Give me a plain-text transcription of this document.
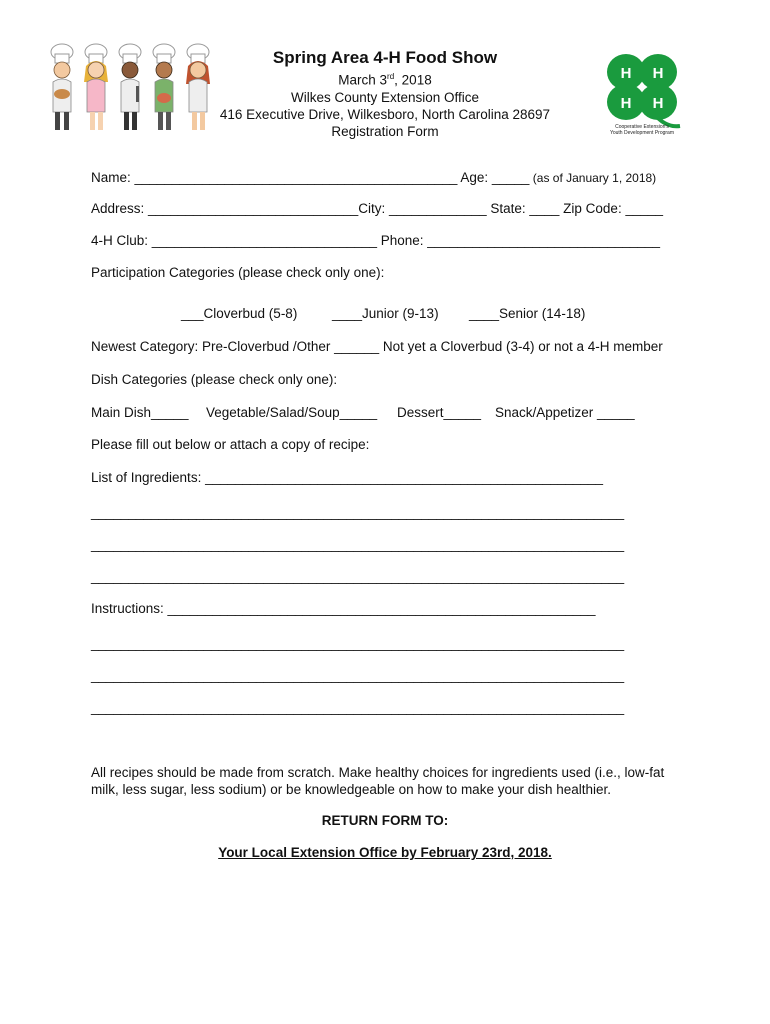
Spring Area 4-H Food Show
March 3rd, 2018
Wilkes County Extension Office
416 Executive Drive, Wilkesboro, North Carolina 28697
Registration Form
H H
H H
Cooperative Extension's
Youth Development Program
Name: ___________________________________________ Age: _____ (as of January 1, 2018)
Address: ____________________________City: _____________ State: ____ Zip Code: _____
4-H Club: ______________________________ Phone: _______________________________
Participation Categories (please check only one):
___Cloverbud (5-8)	____Junior (9-13) ____Senior (14-18)
Newest Category: Pre-Cloverbud /Other ______ Not yet a Cloverbud (3-4) or not a 4-H member
Dish Categories (please check only one):
Main Dish_____ Vegetable/Salad/Soup_____ Dessert_____ Snack/Appetizer _____
Please fill out below or attach a copy of recipe:
List of Ingredients: _____________________________________________________
_______________________________________________________________________
_______________________________________________________________________
_______________________________________________________________________
Instructions: _________________________________________________________
_______________________________________________________________________
_______________________________________________________________________
_______________________________________________________________________
All recipes should be made from scratch. Make healthy choices for ingredients used (i.e., low-fat milk, less sugar, less sodium) or be knowledgeable on how to make your dish healthier.
RETURN FORM TO:
Your Local Extension Office by February 23rd, 2018.
